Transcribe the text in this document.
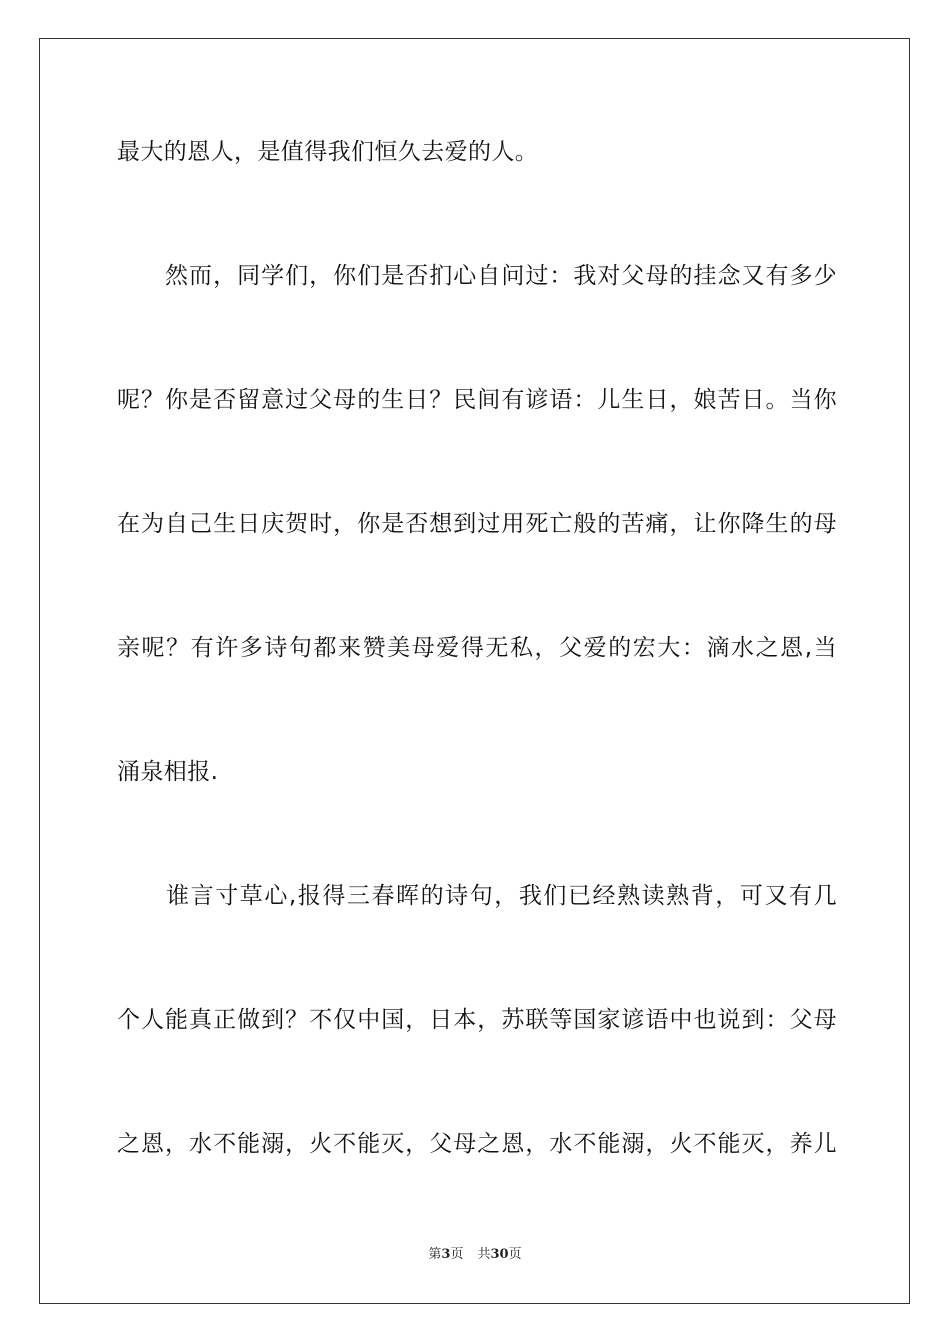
最大的恩人，是值得我们恒久去爱的人。
　　然而，同学们，你们是否扪心自问过：我对父母的挂念又有多少
呢？你是否留意过父母的生日？民间有谚语：儿生日，娘苦日。当你
在为自己生日庆贺时，你是否想到过用死亡般的苦痛，让你降生的母
亲呢？有许多诗句都来赞美母爱得无私，父爱的宏大：滴水之恩,当
涌泉相报.
　　谁言寸草心,报得三春晖的诗句，我们已经熟读熟背，可又有几
个人能真正做到？不仅中国，日本，苏联等国家谚语中也说到：父母
之恩，水不能溺，火不能灭，父母之恩，水不能溺，火不能灭，养儿
第3页 共30页
